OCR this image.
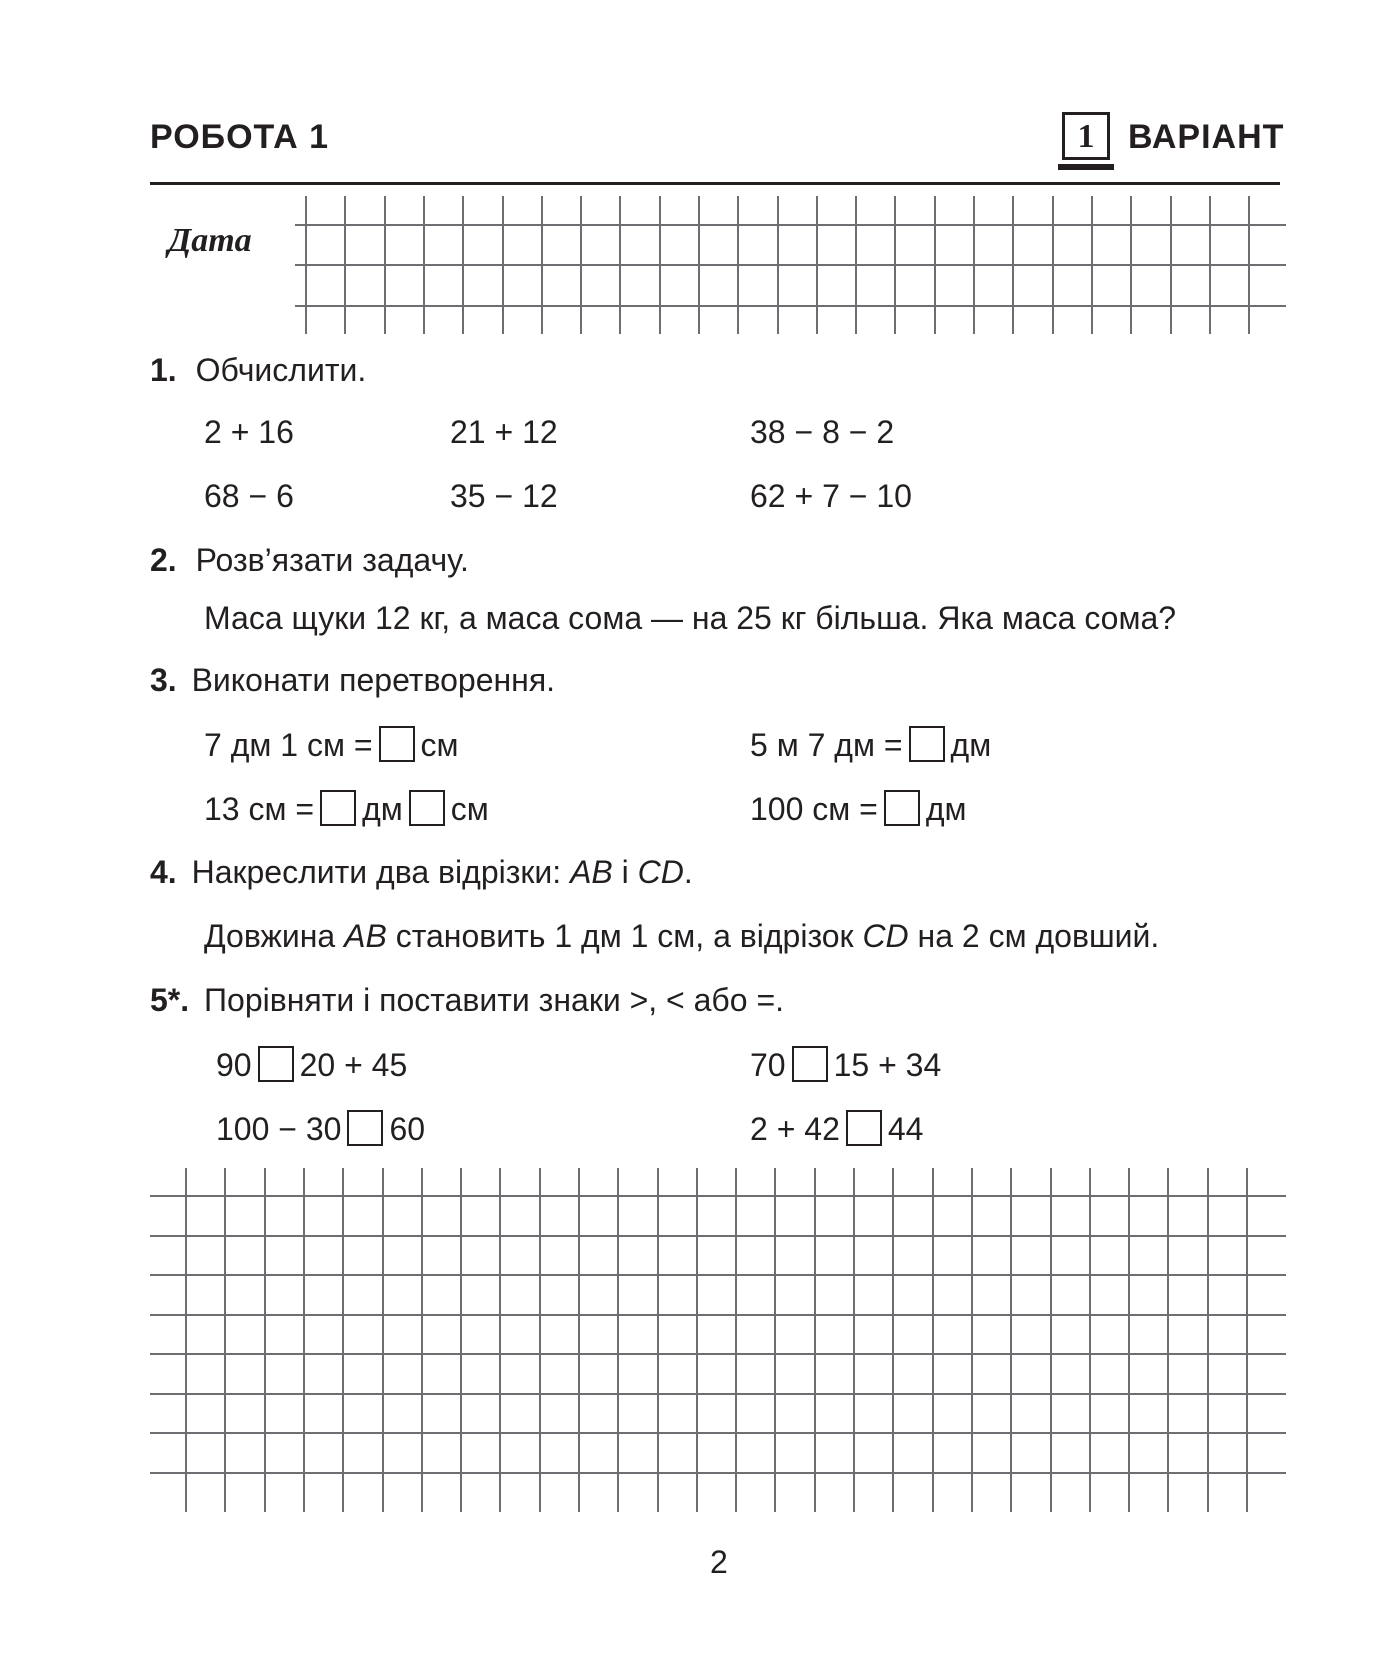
РОБОТА 1	1 ВАРІАНТ
Дата
1. Обчислити.
2 + 16	21 + 12	38 − 8 − 2
68 − 6	35 − 12	62 + 7 − 10
2. Розв’язати задачу.
Маса щуки 12 кг, а маса сома — на 25 кг більша. Яка маса сома?
3. Виконати перетворення.
7 дм 1 см = см	5 м 7 дм = дм
13 см = дм см	100 см = дм
4. Накреслити два відрізки: AB і CD.
Довжина AB становить 1 дм 1 см, а відрізок CD на 2 см довший.
5*. Порівняти і поставити знаки >, < або =.
90 20 + 45	70 15 + 34
100 − 30 60	2 + 42 44
2
